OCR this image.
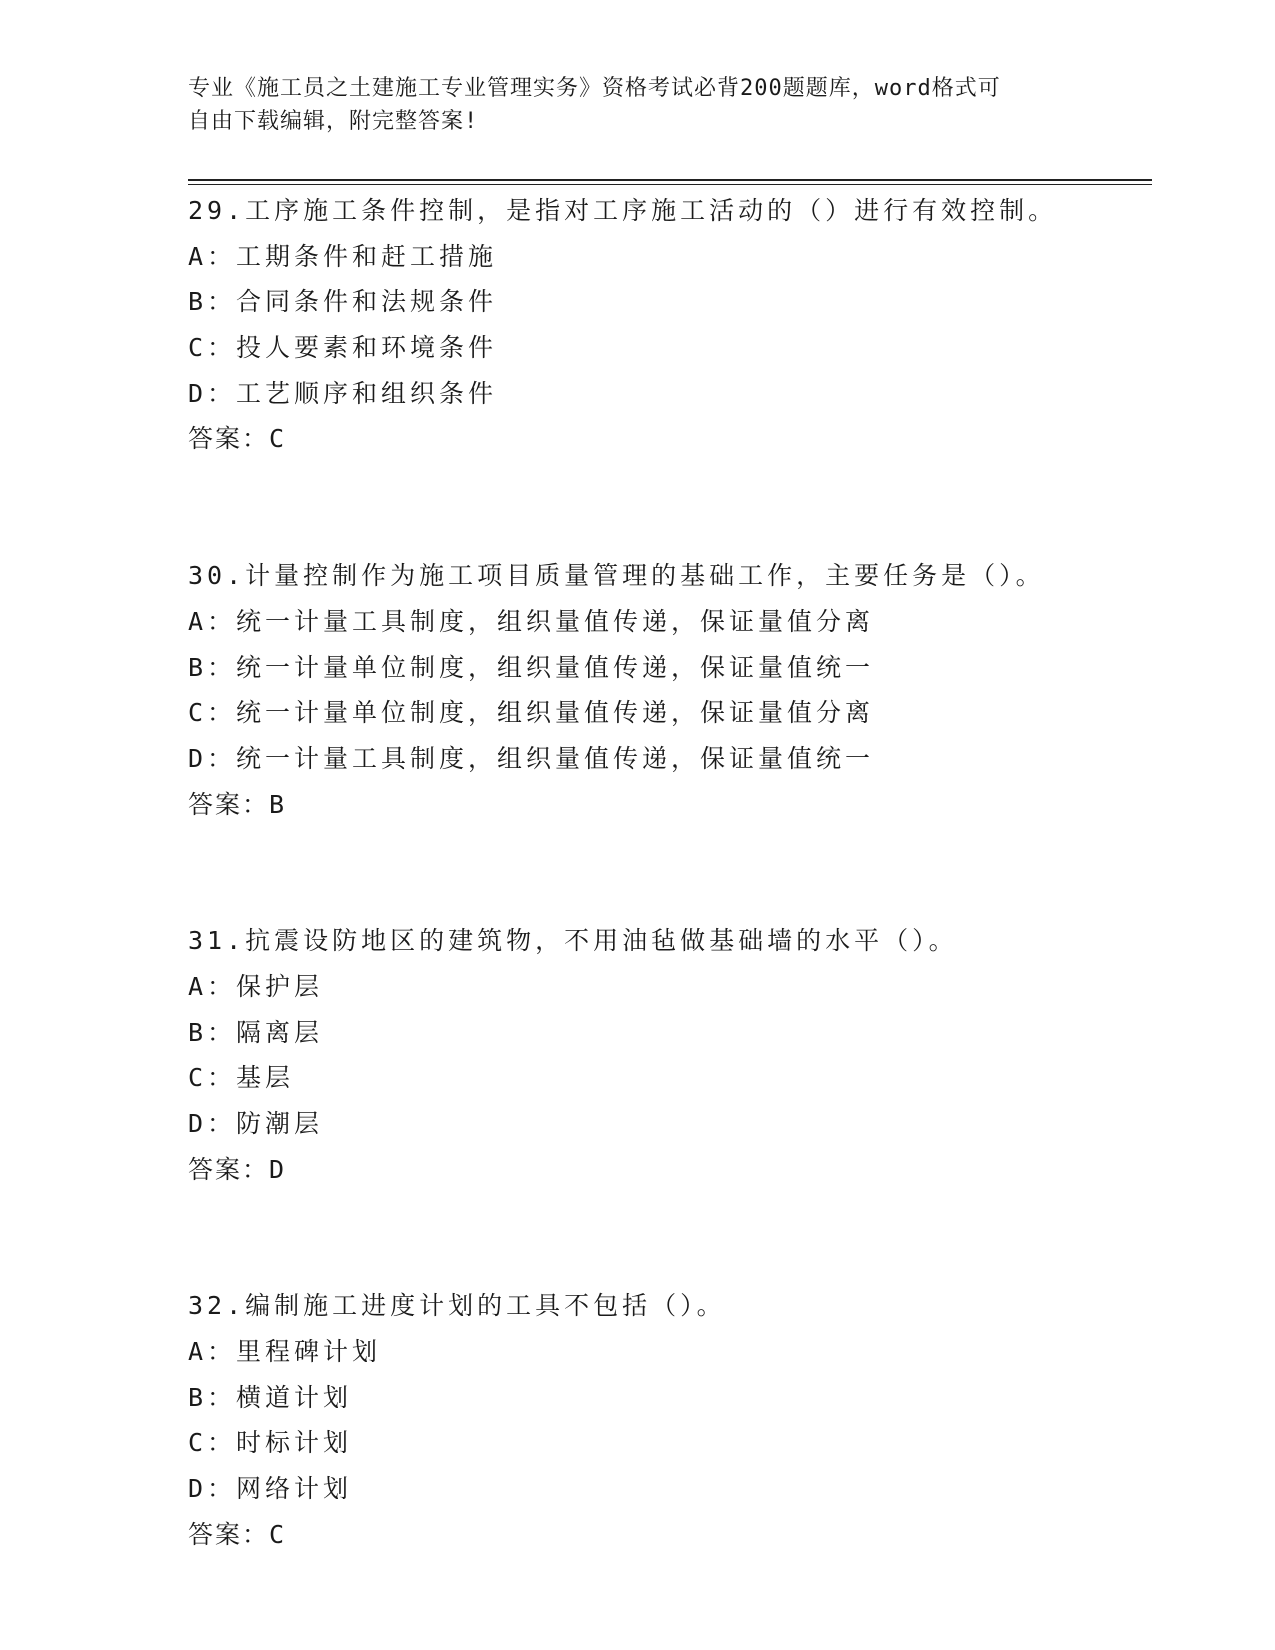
专业《施工员之土建施工专业管理实务》资格考试必背200题题库，word格式可
自由下载编辑，附完整答案!
29.工序施工条件控制，是指对工序施工活动的（）进行有效控制。
A：工期条件和赶工措施
B：合同条件和法规条件
C：投人要素和环境条件
D：工艺顺序和组织条件
答案：C
30.计量控制作为施工项目质量管理的基础工作，主要任务是（）。
A：统一计量工具制度，组织量值传递，保证量值分离
B：统一计量单位制度，组织量值传递，保证量值统一
C：统一计量单位制度，组织量值传递，保证量值分离
D：统一计量工具制度，组织量值传递，保证量值统一
答案：B
31.抗震设防地区的建筑物，不用油毡做基础墙的水平（）。
A：保护层
B：隔离层
C：基层
D：防潮层
答案：D
32.编制施工进度计划的工具不包括（）。
A：里程碑计划
B：横道计划
C：时标计划
D：网络计划
答案：C
